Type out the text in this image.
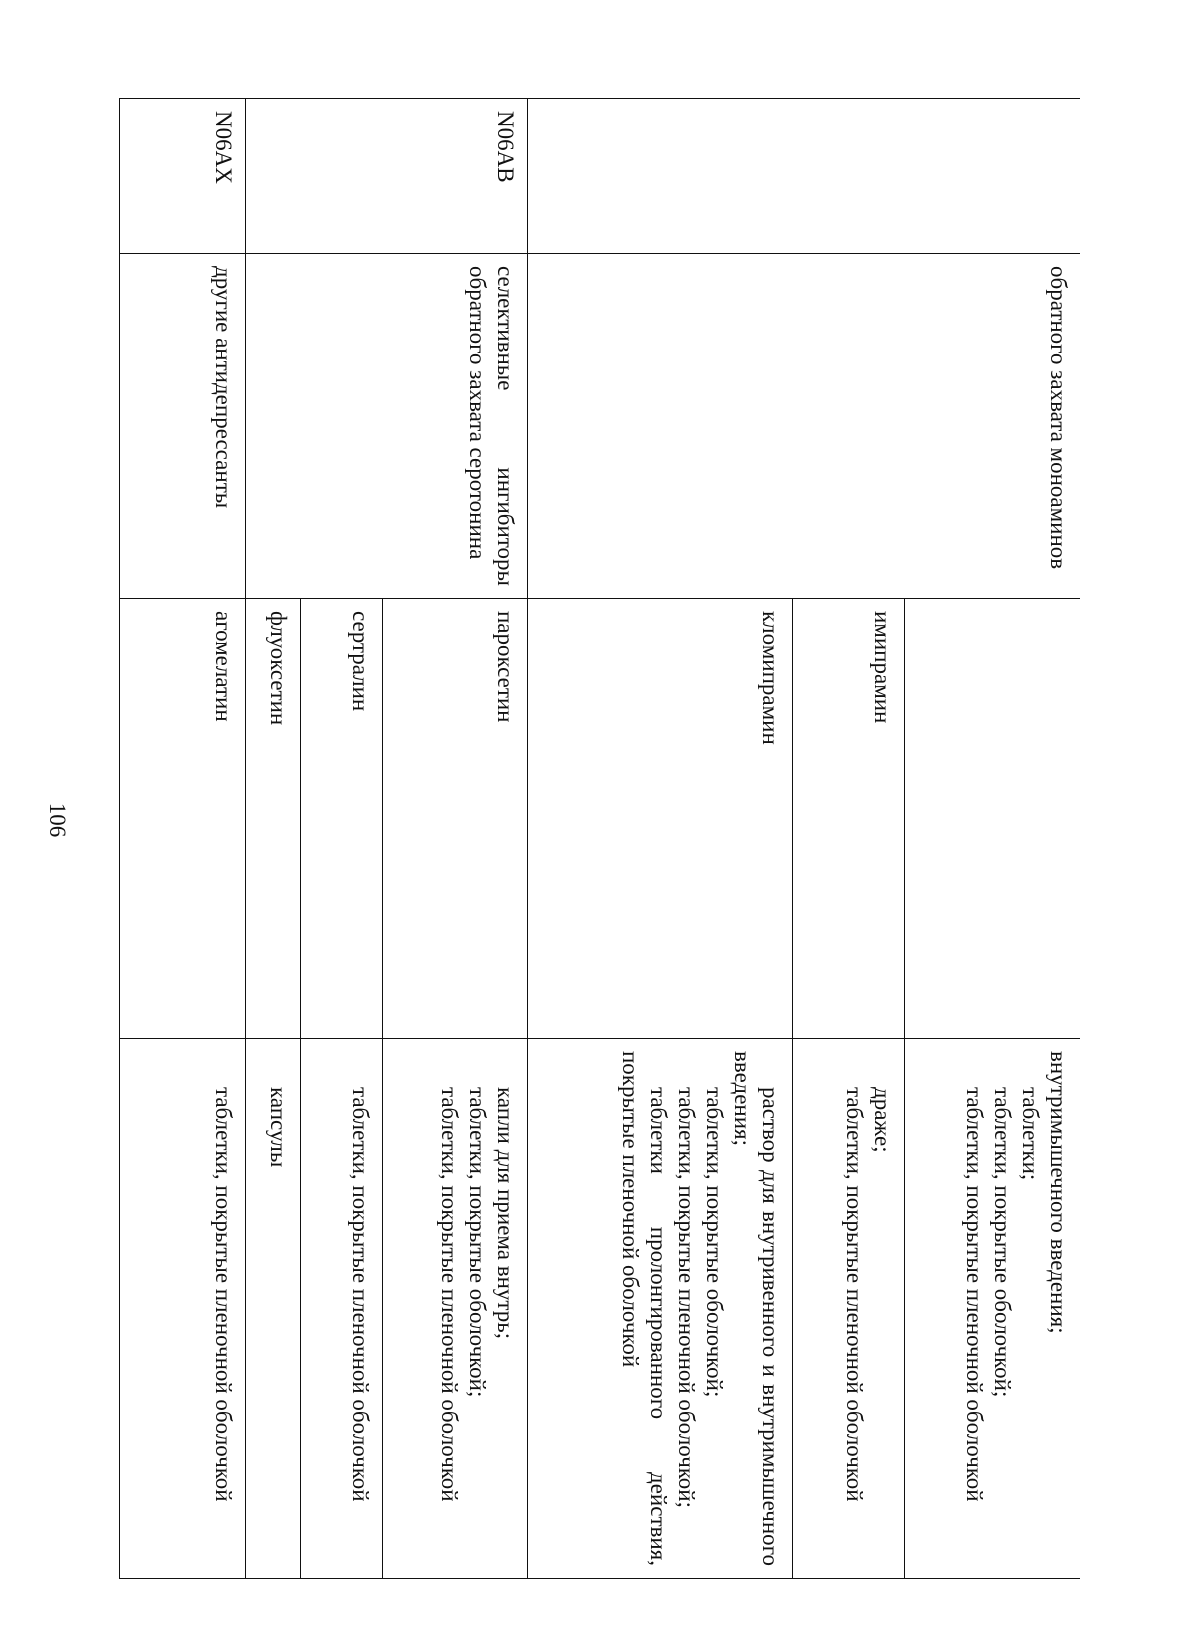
106
	обратного захвата моноаминов		внутримышечного введения;
таблетки;
таблетки, покрытые оболочкой;
таблетки, покрытые пленочной оболочкой

		имипрамин	драже;
таблетки, покрытые пленочной оболочкой

		кломипрамин	раствор для внутривенного и внутримышечного введения;
таблетки, покрытые оболочкой;
таблетки, покрытые пленочной оболочкой;
таблетки пролонгированного действия, покрытые пленочной оболочкой

N06AB	селективные ингибиторы обратного захвата серотонина	пароксетин	капли для приема внутрь;
таблетки, покрытые оболочкой;
таблетки, покрытые пленочной оболочкой

		сертралин	таблетки, покрытые пленочной оболочкой

		флуоксетин	капсулы

N06AX	другие антидепрессанты	агомелатин	таблетки, покрытые пленочной оболочкой
